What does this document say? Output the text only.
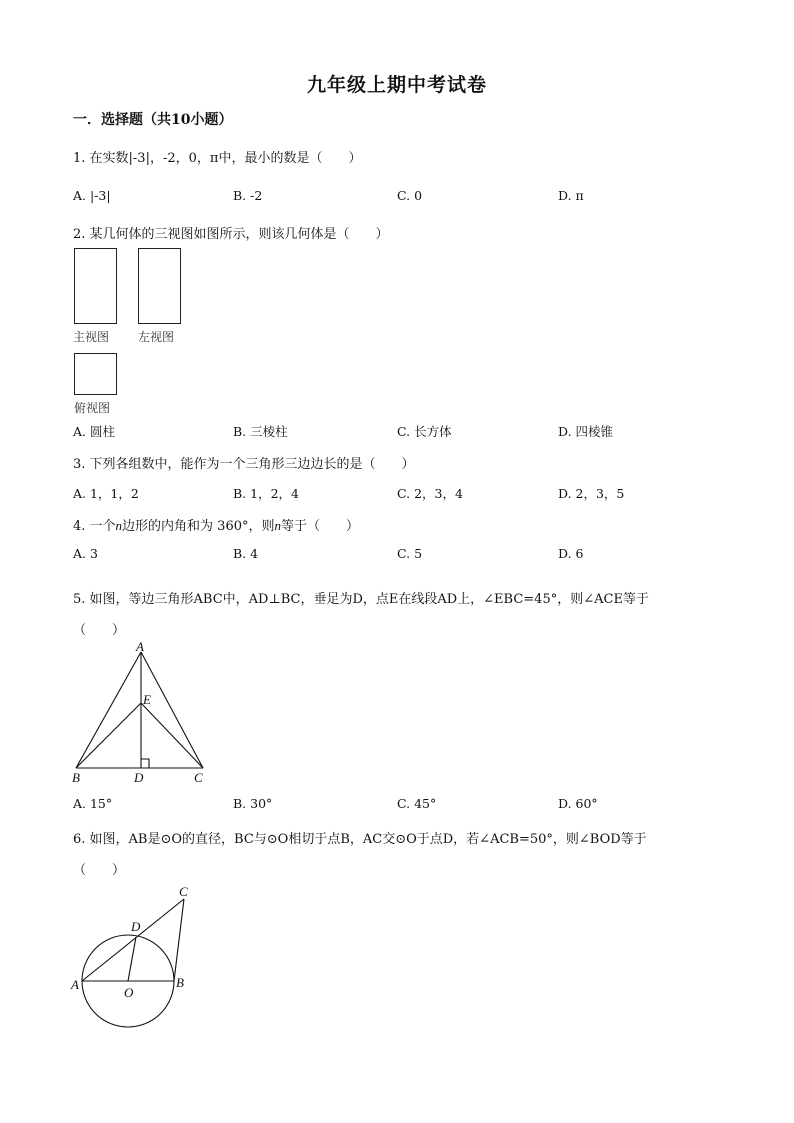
九年级上期中考试卷
一．选择题（共10小题）
1. 在实数|-3|，-2，0，π中，最小的数是（　　）
A. |-3|	B. -2	C. 0	D. π
2. 某几何体的三视图如图所示，则该几何体是（　　）
主视图 左视图
俯视图
A. 圆柱	B. 三棱柱	C. 长方体	D. 四棱锥
3. 下列各组数中，能作为一个三角形三边边长的是（　　）
A. 1，1，2	B. 1，2，4	C. 2，3，4	D. 2，3，5
4. 一个n边形的内角和为 360°，则n等于（　　）
A. 3	B. 4	C. 5	D. 6
5. 如图，等边三角形ABC中，AD⊥BC，垂足为D，点E在线段AD上，∠EBC=45°，则∠ACE等于
（　　）
A
E
B	D	C
A. 15°	B. 30°	C. 45°	D. 60°
6. 如图，AB是⊙O的直径，BC与⊙O相切于点B，AC交⊙O于点D，若∠ACB=50°，则∠BOD等于
（　　）
C
D
A	B
O
